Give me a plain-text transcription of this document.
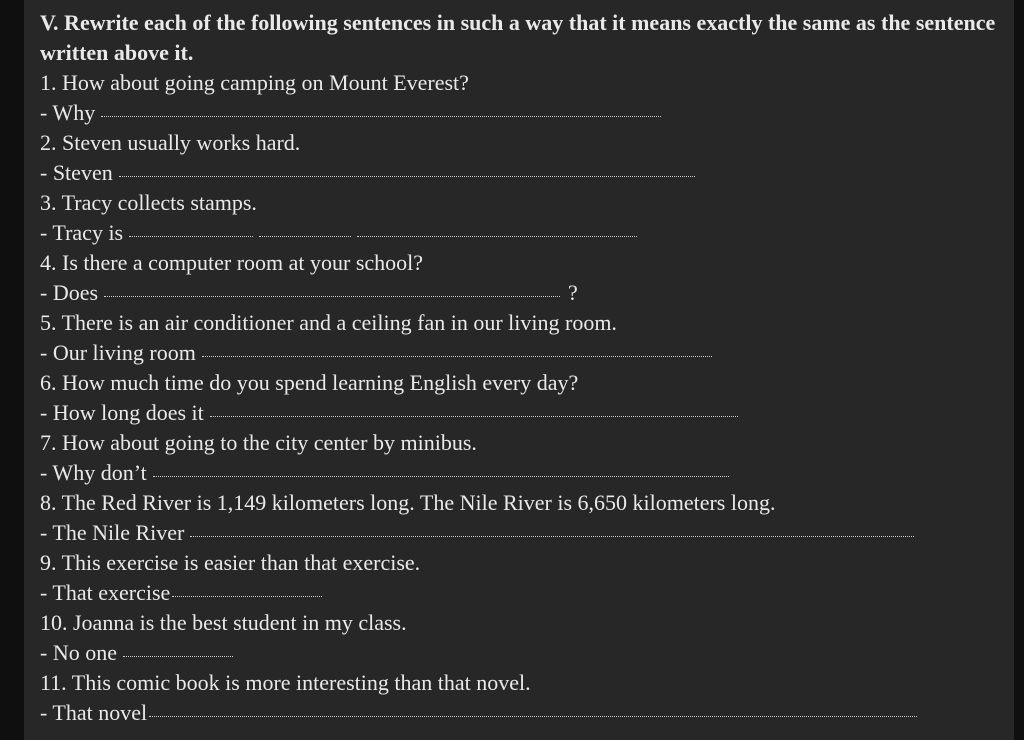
V. Rewrite each of the following sentences in such a way that it means exactly the same as the sentence written above it.
1. How about going camping on Mount Everest?
- Why
2. Steven usually works hard.
- Steven
3. Tracy collects stamps.
- Tracy is
4. Is there a computer room at your school?
- Does	?
5. There is an air conditioner and a ceiling fan in our living room.
- Our living room
6. How much time do you spend learning English every day?
- How long does it
7. How about going to the city center by minibus.
- Why don’t
8. The Red River is 1,149 kilometers long. The Nile River is 6,650 kilometers long.
- The Nile River
9. This exercise is easier than that exercise.
- That exercise
10. Joanna is the best student in my class.
- No one
11. This comic book is more interesting than that novel.
- That novel
